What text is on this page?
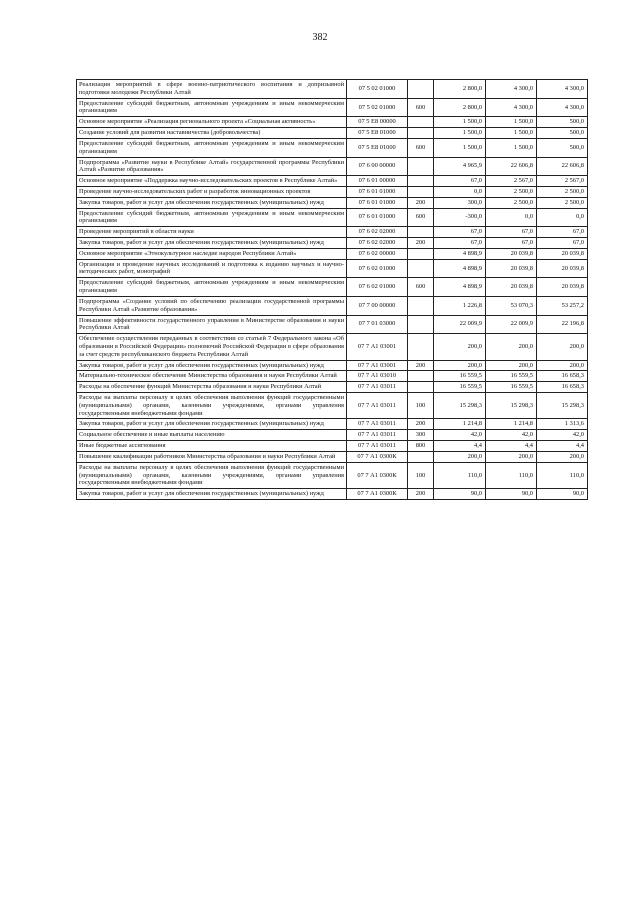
382
Реализация мероприятий в сфере военно-патриотического воспитания и допризывной подготовки молодежи Республики Алтай	07 5 02 01000		2 800,0	4 300,0	4 300,0
Предоставление субсидий бюджетным, автономным учреждениям и иным некоммерческим организациям	07 5 02 01000	600	2 800,0	4 300,0	4 300,0
Основное мероприятие «Реализация регионального проекта «Социальная активность»	07 5 E8 00000		1 500,0	1 500,0	500,0
Создание условий для развития наставничества (добровольчества)	07 5 E8 01000		1 500,0	1 500,0	500,0
Предоставление субсидий бюджетным, автономным учреждениям и иным некоммерческим организациям	07 5 E8 01000	600	1 500,0	1 500,0	500,0
Подпрограмма «Развитие науки в Республике Алтай» государственной программы Республики Алтай «Развитие образования»	07 6 00 00000		4 965,9	22 606,8	22 606,8
Основное мероприятие «Поддержка научно-исследовательских проектов в Республике Алтай»	07 6 01 00000		67,0	2 567,0	2 567,0
Проведение научно-исследовательских работ и разработок инновационных проектов	07 6 01 01000		0,0	2 500,0	2 500,0
Закупка товаров, работ и услуг для обеспечения государственных (муниципальных) нужд	07 6 01 01000	200	300,0	2 500,0	2 500,0
Предоставление субсидий бюджетным, автономным учреждениям и иным некоммерческим организациям	07 6 01 01000	600	-300,0	0,0	0,0
Проведение мероприятий в области науки	07 6 02 02000		67,0	67,0	67,0
Закупка товаров, работ и услуг для обеспечения государственных (муниципальных) нужд	07 6 02 02000	200	67,0	67,0	67,0
Основное мероприятие «Этнокультурное наследие народов Республики Алтай»	07 6 02 00000		4 898,9	20 039,8	20 039,8
Организация и проведение научных исследований и подготовка к изданию научных и научно-методических работ, монографий	07 6 02 01000		4 898,9	20 039,8	20 039,8
Предоставление субсидий бюджетным, автономным учреждениям и иным некоммерческим организациям	07 6 02 01000	600	4 898,9	20 039,8	20 039,8
Подпрограмма «Создание условий по обеспечению реализации государственной программы Республики Алтай «Развитие образования»	07 7 00 00000		1 226,8	53 070,3	53 257,2
Повышение эффективности государственного управления в Министерстве образования и науки Республики Алтай	07 7 01 03000		22 009,9	22 009,9	22 196,8
Обеспечение осуществления переданных в соответствии со статьей 7 Федерального закона «Об образовании в Российской Федерации» полномочий Российской Федерации в сфере образования за счет средств республиканского бюджета Республики Алтай	07 7 А1 03001		200,0	200,0	200,0
Закупка товаров, работ и услуг для обеспечения государственных (муниципальных) нужд	07 7 А1 03001	200	200,0	200,0	200,0
Материально-техническое обеспечение Министерства образования и науки Республики Алтай	07 7 А1 03010		16 559,5	16 559,5	16 658,3
Расходы на обеспечение функций Министерства образования и науки Республики Алтай	07 7 А1 03011		16 559,5	16 559,5	16 658,3
Расходы на выплаты персоналу в целях обеспечения выполнения функций государственными (муниципальными) органами, казенными учреждениями, органами управления государственными внебюджетными фондами	07 7 А1 03011	100	15 298,3	15 298,3	15 298,3
Закупка товаров, работ и услуг для обеспечения государственных (муниципальных) нужд	07 7 А1 03011	200	1 214,8	1 214,8	1 313,6
Социальное обеспечение и иные выплаты населению	07 7 А1 03011	300	42,0	42,0	42,0
Иные бюджетные ассигнования	07 7 А1 03011	800	4,4	4,4	4,4
Повышение квалификации работников Министерства образования и науки Республики Алтай	07 7 А1 0300К		200,0	200,0	200,0
Расходы на выплаты персоналу в целях обеспечения выполнения функций государственными (муниципальными) органами, казенными учреждениями, органами управления государственными внебюджетными фондами	07 7 А1 0300К	100	110,0	110,0	110,0
Закупка товаров, работ и услуг для обеспечения государственных (муниципальных) нужд	07 7 А1 0300К	200	90,0	90,0	90,0
